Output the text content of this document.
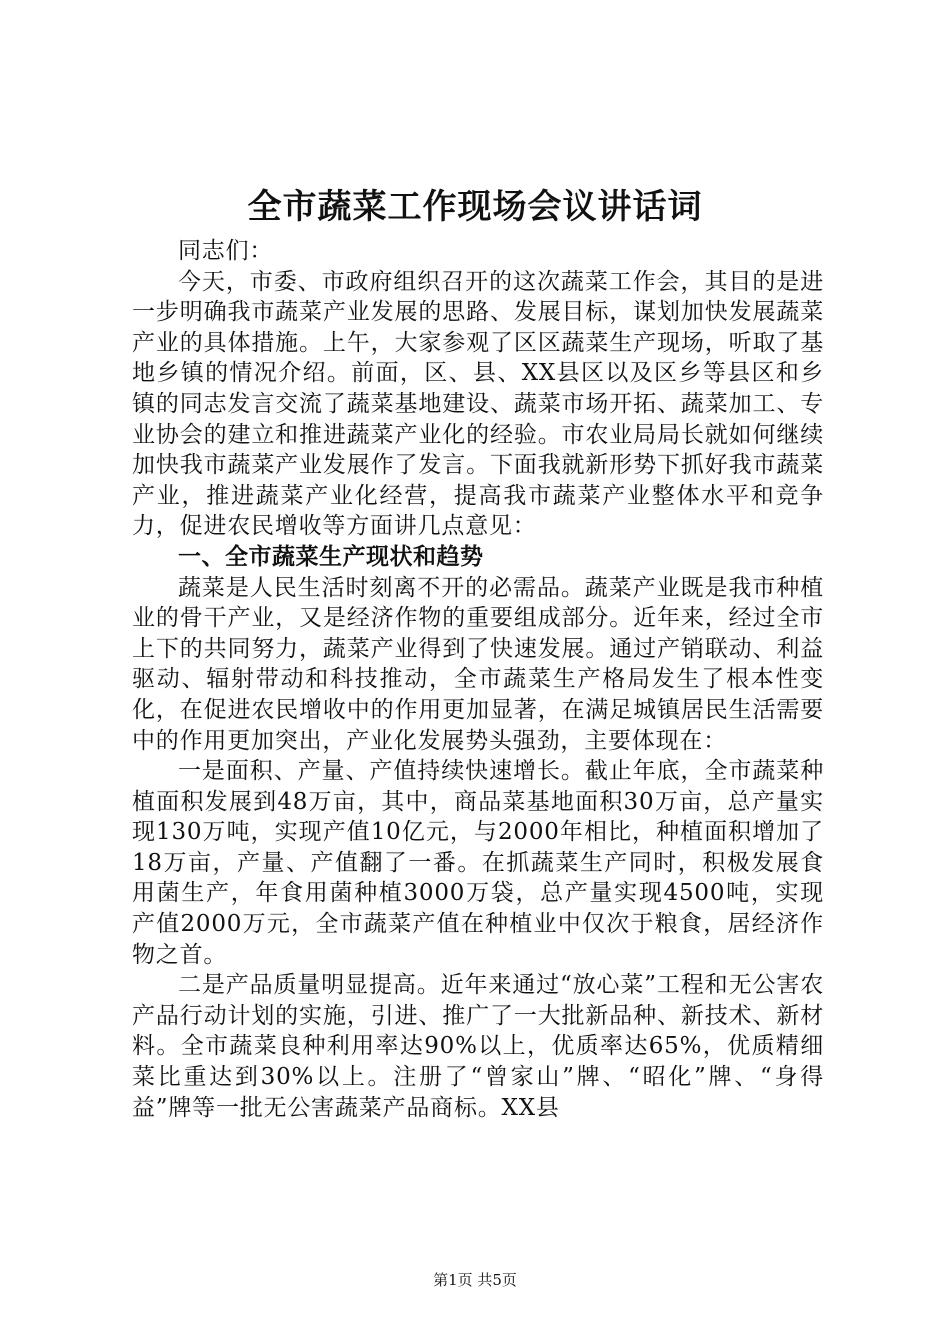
全市蔬菜工作现场会议讲话词

同志们：

今天，市委、市政府组织召开的这次蔬菜工作会，其目的是进一步明确我市蔬菜产业发展的思路、发展目标，谋划加快发展蔬菜产业的具体措施。上午，大家参观了区区蔬菜生产现场，听取了基地乡镇的情况介绍。前面，区、县、XX县区以及区乡等县区和乡镇的同志发言交流了蔬菜基地建设、蔬菜市场开拓、蔬菜加工、专业协会的建立和推进蔬菜产业化的经验。市农业局局长就如何继续加快我市蔬菜产业发展作了发言。下面我就新形势下抓好我市蔬菜产业，推进蔬菜产业化经营，提高我市蔬菜产业整体水平和竞争力，促进农民增收等方面讲几点意见：

一、全市蔬菜生产现状和趋势

蔬菜是人民生活时刻离不开的必需品。蔬菜产业既是我市种植业的骨干产业，又是经济作物的重要组成部分。近年来，经过全市上下的共同努力，蔬菜产业得到了快速发展。通过产销联动、利益驱动、辐射带动和科技推动，全市蔬菜生产格局发生了根本性变化，在促进农民增收中的作用更加显著，在满足城镇居民生活需要中的作用更加突出，产业化发展势头强劲，主要体现在：

一是面积、产量、产值持续快速增长。截止年底，全市蔬菜种植面积发展到48万亩，其中，商品菜基地面积30万亩，总产量实现130万吨，实现产值10亿元，与2000年相比，种植面积增加了18万亩，产量、产值翻了一番。在抓蔬菜生产同时，积极发展食用菌生产，年食用菌种植3000万袋，总产量实现4500吨，实现产值2000万元，全市蔬菜产值在种植业中仅次于粮食，居经济作物之首。

二是产品质量明显提高。近年来通过“放心菜”工程和无公害农产品行动计划的实施，引进、推广了一大批新品种、新技术、新材料。全市蔬菜良种利用率达90%以上，优质率达65%，优质精细菜比重达到30%以上。注册了“曾家山”牌、“昭化”牌、“身得益”牌等一批无公害蔬菜产品商标。XX县

第1页 共5页
